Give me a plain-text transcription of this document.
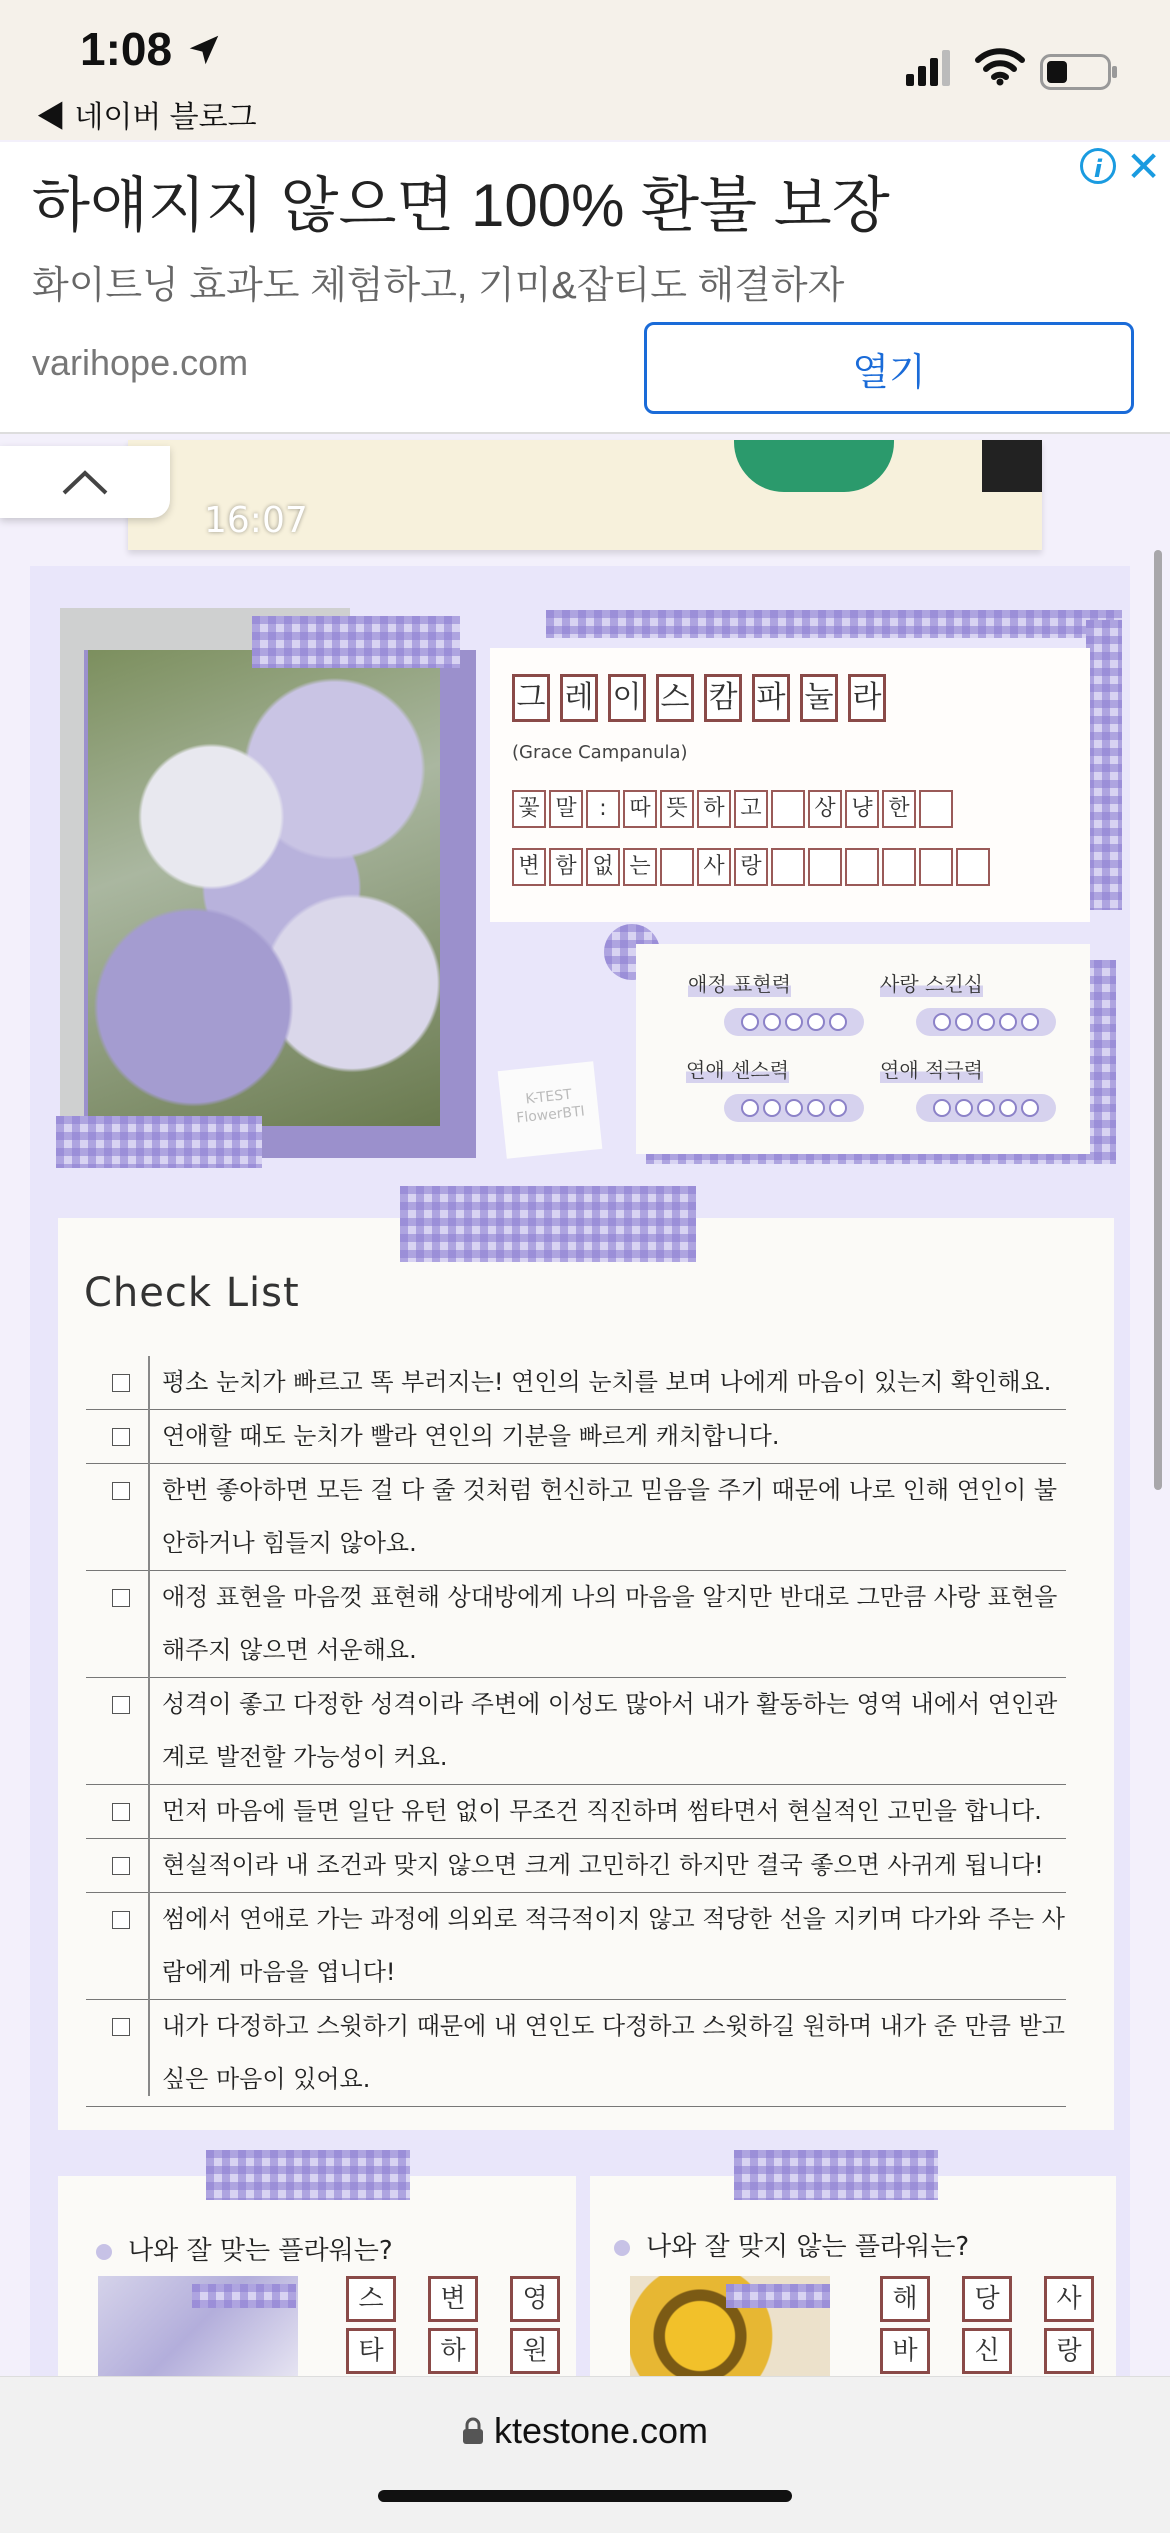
1:08
◀ 네이버 블로그
하얘지지 않으면 100% 환불 보장
화이트닝 효과도 체험하고, 기미&잡티도 해결하자
varihope.com	열기
i ✕
16:07
그 레 이 스 캄 파 눌 라
꽃 말	:	따 뜻 하 고 상 냥 한
변 함 없 는 사 랑
(Grace Campanula)
K-TEST FlowerBTI
Check List
평소 눈치가 빠르고 똑 부러지는! 연인의 눈치를 보며 나에게 마음이 있는지 확인해요.
연애할 때도 눈치가 빨라 연인의 기분을 빠르게 캐치합니다.
한번 좋아하면 모든 걸 다 줄 것처럼 헌신하고 믿음을 주기 때문에 나로 인해 연인이 불안하거나 힘들지 않아요.
애정 표현을 마음껏 표현해 상대방에게 나의 마음을 알지만 반대로 그만큼 사랑 표현을 해주지 않으면 서운해요.
성격이 좋고 다정한 성격이라 주변에 이성도 많아서 내가 활동하는 영역 내에서 연인관계로 발전할 가능성이 커요.
먼저 마음에 들면 일단 유턴 없이 무조건 직진하며 썸타면서 현실적인 고민을 합니다.
현실적이라 내 조건과 맞지 않으면 크게 고민하긴 하지만 결국 좋으면 사귀게 됩니다!
썸에서 연애로 가는 과정에 의외로 적극적이지 않고 적당한 선을 지키며 다가와 주는 사람에게 마음을 엽니다!
내가 다정하고 스윗하기 때문에 내 연인도 다정하고 스윗하길 원하며 내가 준 만큼 받고 싶은 마음이 있어요.
나와 잘 맞는 플라워는?	나와 잘 맞지 않는 플라워는?
ktestone.com
애정 표현력	사랑 스킨십
연애 센스력	연애 적극력
스
타
변
하
영
원
해
바
당
신
사
랑
